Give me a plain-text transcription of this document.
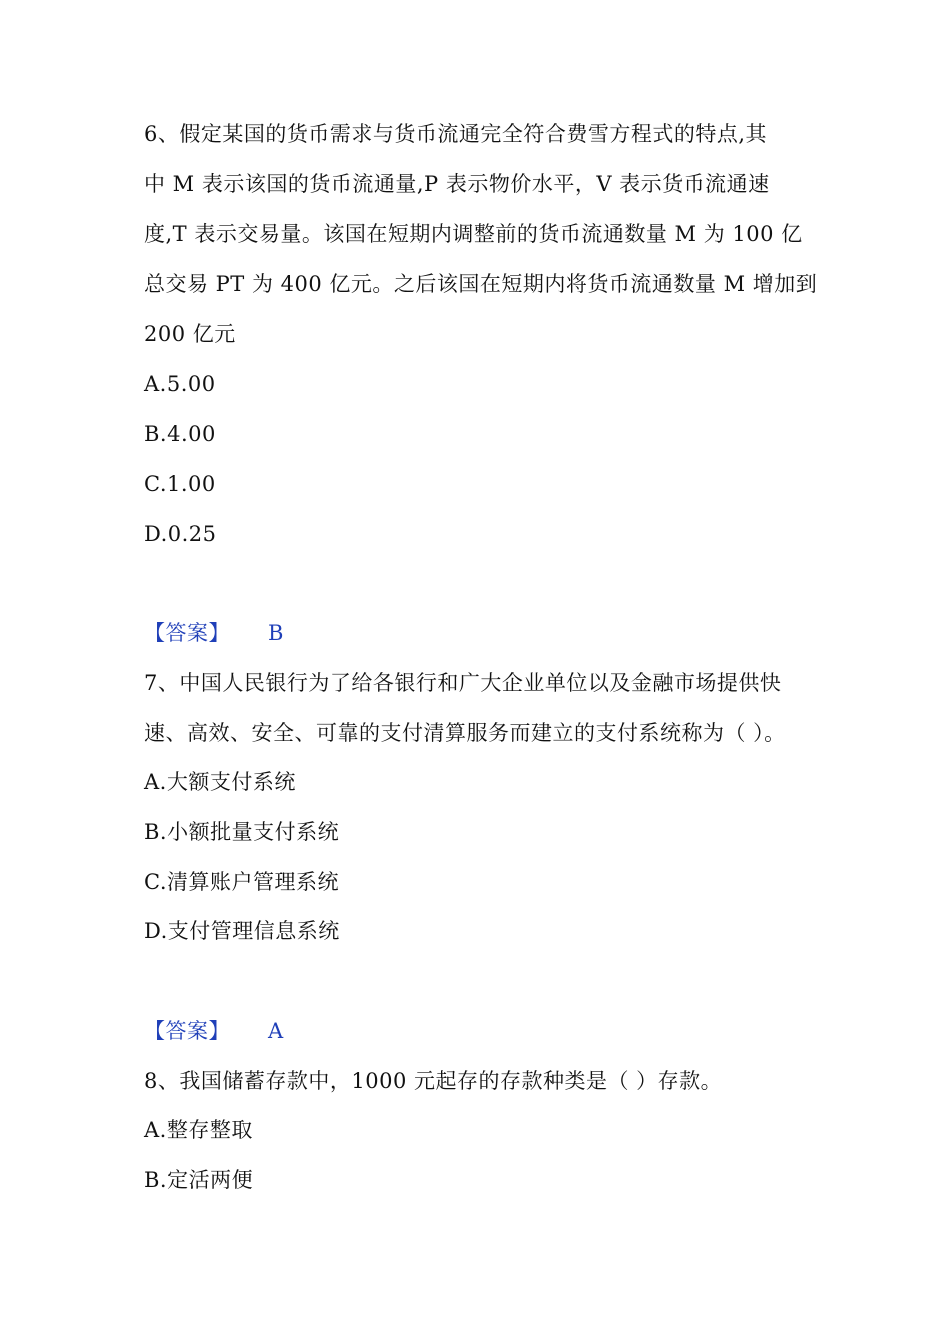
6、假定某国的货币需求与货币流通完全符合费雪方程式的特点,其
中 M 表示该国的货币流通量,P 表示物价水平，V 表示货币流通速
度,T 表示交易量。该国在短期内调整前的货币流通数量 M 为 100 亿
总交易 PT 为 400 亿元。之后该国在短期内将货币流通数量 M 增加到
200 亿元
A.5.00
B.4.00
C.1.00
D.0.25
【答案】 B
7、中国人民银行为了给各银行和广大企业单位以及金融市场提供快
速、高效、安全、可靠的支付清算服务而建立的支付系统称为（ ）。
A.大额支付系统
B.小额批量支付系统
C.清算账户管理系统
D.支付管理信息系统
【答案】 A
8、我国储蓄存款中，1000 元起存的存款种类是（ ）存款。
A.整存整取
B.定活两便
